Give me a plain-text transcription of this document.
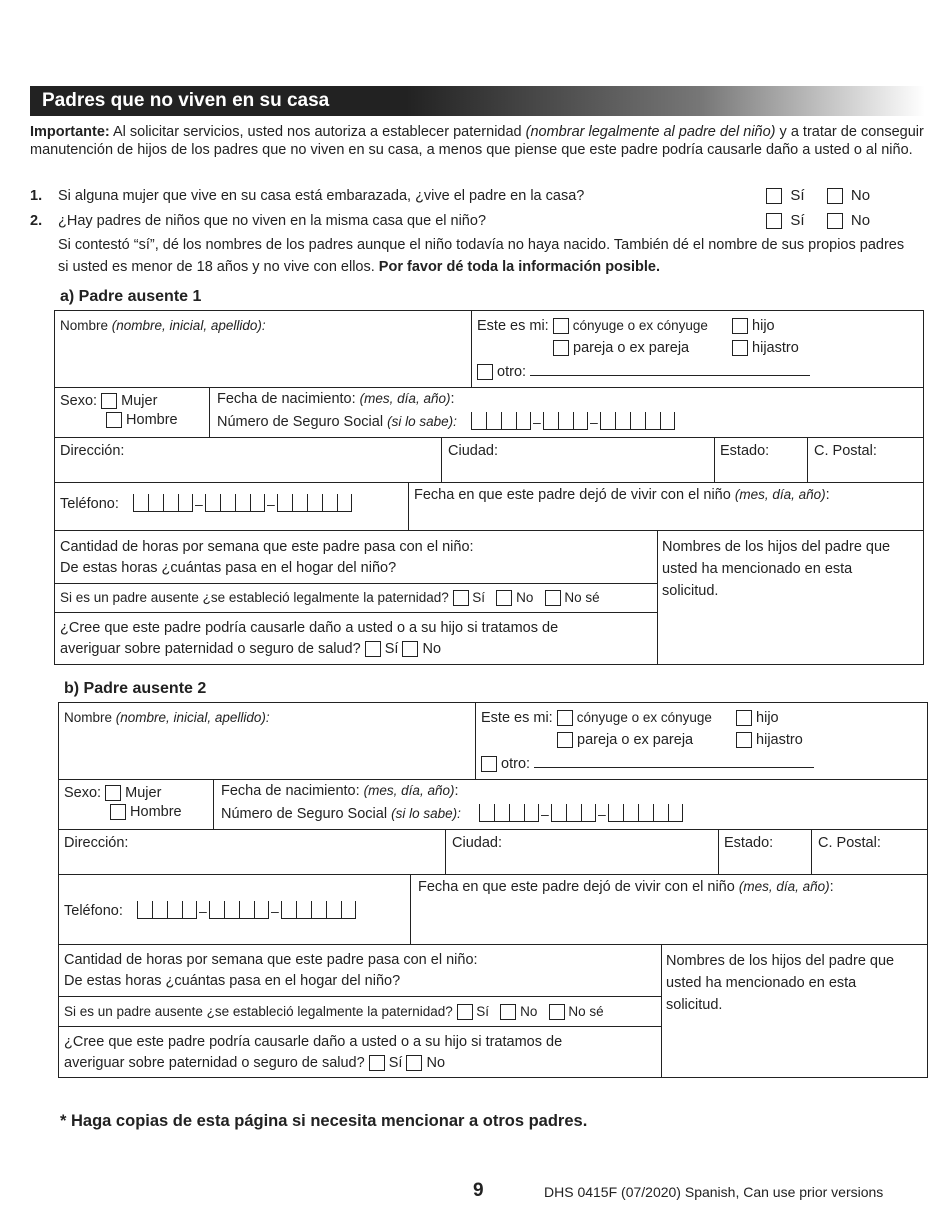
Padres que no viven en su casa
Importante: Al solicitar servicios, usted nos autoriza a establecer paternidad (nombrar legalmente al padre del niño) y a tratar de conseguir manutención de hijos de los padres que no viven en su casa, a menos que piense que este padre podría causarle daño a usted o al niño.
1. Si alguna mujer que vive en su casa está embarazada, ¿vive el padre en la casa?
	Sí
	No
2. ¿Hay padres de niños que no viven en la misma casa que el niño?
	Sí
	No
Si contestó “sí”, dé los nombres de los padres aunque el niño todavía no haya nacido. También dé el nombre de sus propios padres si usted es menor de 18 años y no vive con ellos. Por favor dé toda la información posible.
a) Padre ausente 1
Nombre (nombre, inicial, apellido):	Este es mi: cónyuge o ex cónyuge	hijo
pareja o ex pareja	hijastro
otro:
Sexo: Mujer
Hombre
Fecha de nacimiento: (mes, día, año):
Número de Seguro Social (si lo sabe):	–	–
Dirección:	Ciudad:	Estado:	C. Postal:
Teléfono:	–	–
Fecha en que este padre dejó de vivir con el niño (mes, día, año):
Cantidad de horas por semana que este padre pasa con el niño:
De estas horas ¿cuántas pasa en el hogar del niño?
Si es un padre ausente ¿se estableció legalmente la paternidad? Sí No No sé
¿Cree que este padre podría causarle daño a usted o a su hijo si tratamos de
averiguar sobre paternidad o seguro de salud? Sí No
Nombres de los hijos del padre que usted ha mencionado en esta solicitud.
b) Padre ausente 2
Nombre (nombre, inicial, apellido):	Este es mi: cónyuge o ex cónyuge	hijo
pareja o ex pareja	hijastro
otro:
Sexo: Mujer
Hombre
Fecha de nacimiento: (mes, día, año):
Número de Seguro Social (si lo sabe):	–	–
Dirección:	Ciudad:	Estado:	C. Postal:
Teléfono:	–	–
Fecha en que este padre dejó de vivir con el niño (mes, día, año):
Cantidad de horas por semana que este padre pasa con el niño:
De estas horas ¿cuántas pasa en el hogar del niño?
Si es un padre ausente ¿se estableció legalmente la paternidad? Sí No No sé
¿Cree que este padre podría causarle daño a usted o a su hijo si tratamos de
averiguar sobre paternidad o seguro de salud? Sí No
Nombres de los hijos del padre que usted ha mencionado en esta solicitud.
* Haga copias de esta página si necesita mencionar a otros padres.
9	DHS 0415F (07/2020) Spanish, Can use prior versions
